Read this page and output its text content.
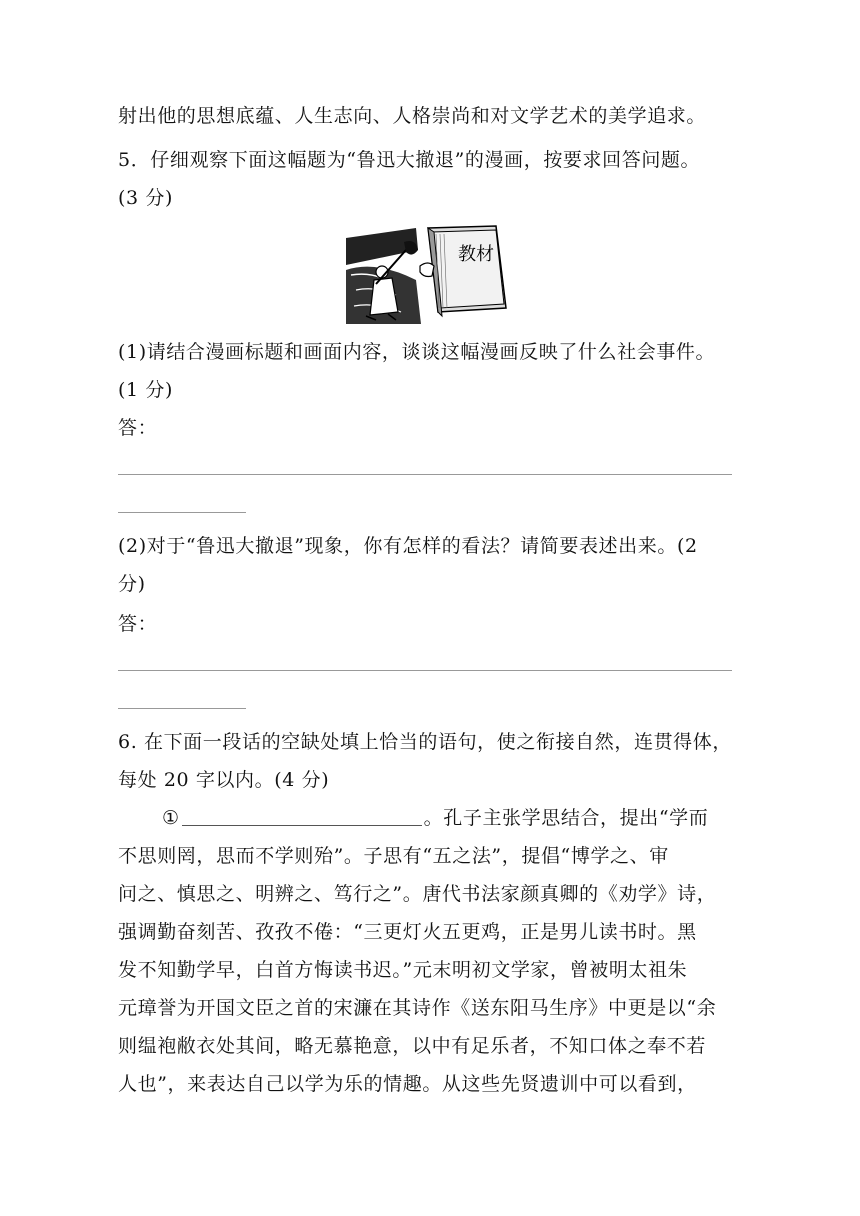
射出他的思想底蕴、人生志向、人格崇尚和对文学艺术的美学追求。
5．仔细观察下面这幅题为“鲁迅大撤退”的漫画，按要求回答问题。
(3 分)
教材
(1)请结合漫画标题和画面内容，谈谈这幅漫画反映了什么社会事件。
(1 分)
答：
(2)对于“鲁迅大撤退”现象，你有怎样的看法？请简要表述出来。(2
分)
答：
6. 在下面一段话的空缺处填上恰当的语句，使之衔接自然，连贯得体，
每处 20 字以内。(4 分)
①	。孔子主张学思结合，提出“学而
不思则罔，思而不学则殆”。子思有“五之法”，提倡“博学之、审
问之、慎思之、明辨之、笃行之”。唐代书法家颜真卿的《劝学》诗，
强调勤奋刻苦、孜孜不倦：“三更灯火五更鸡，正是男儿读书时。黑
发不知勤学早，白首方悔读书迟。”元末明初文学家，曾被明太祖朱
元璋誉为开国文臣之首的宋濂在其诗作《送东阳马生序》中更是以“余
则缊袍敝衣处其间，略无慕艳意，以中有足乐者，不知口体之奉不若
人也”，来表达自己以学为乐的情趣。从这些先贤遗训中可以看到，
